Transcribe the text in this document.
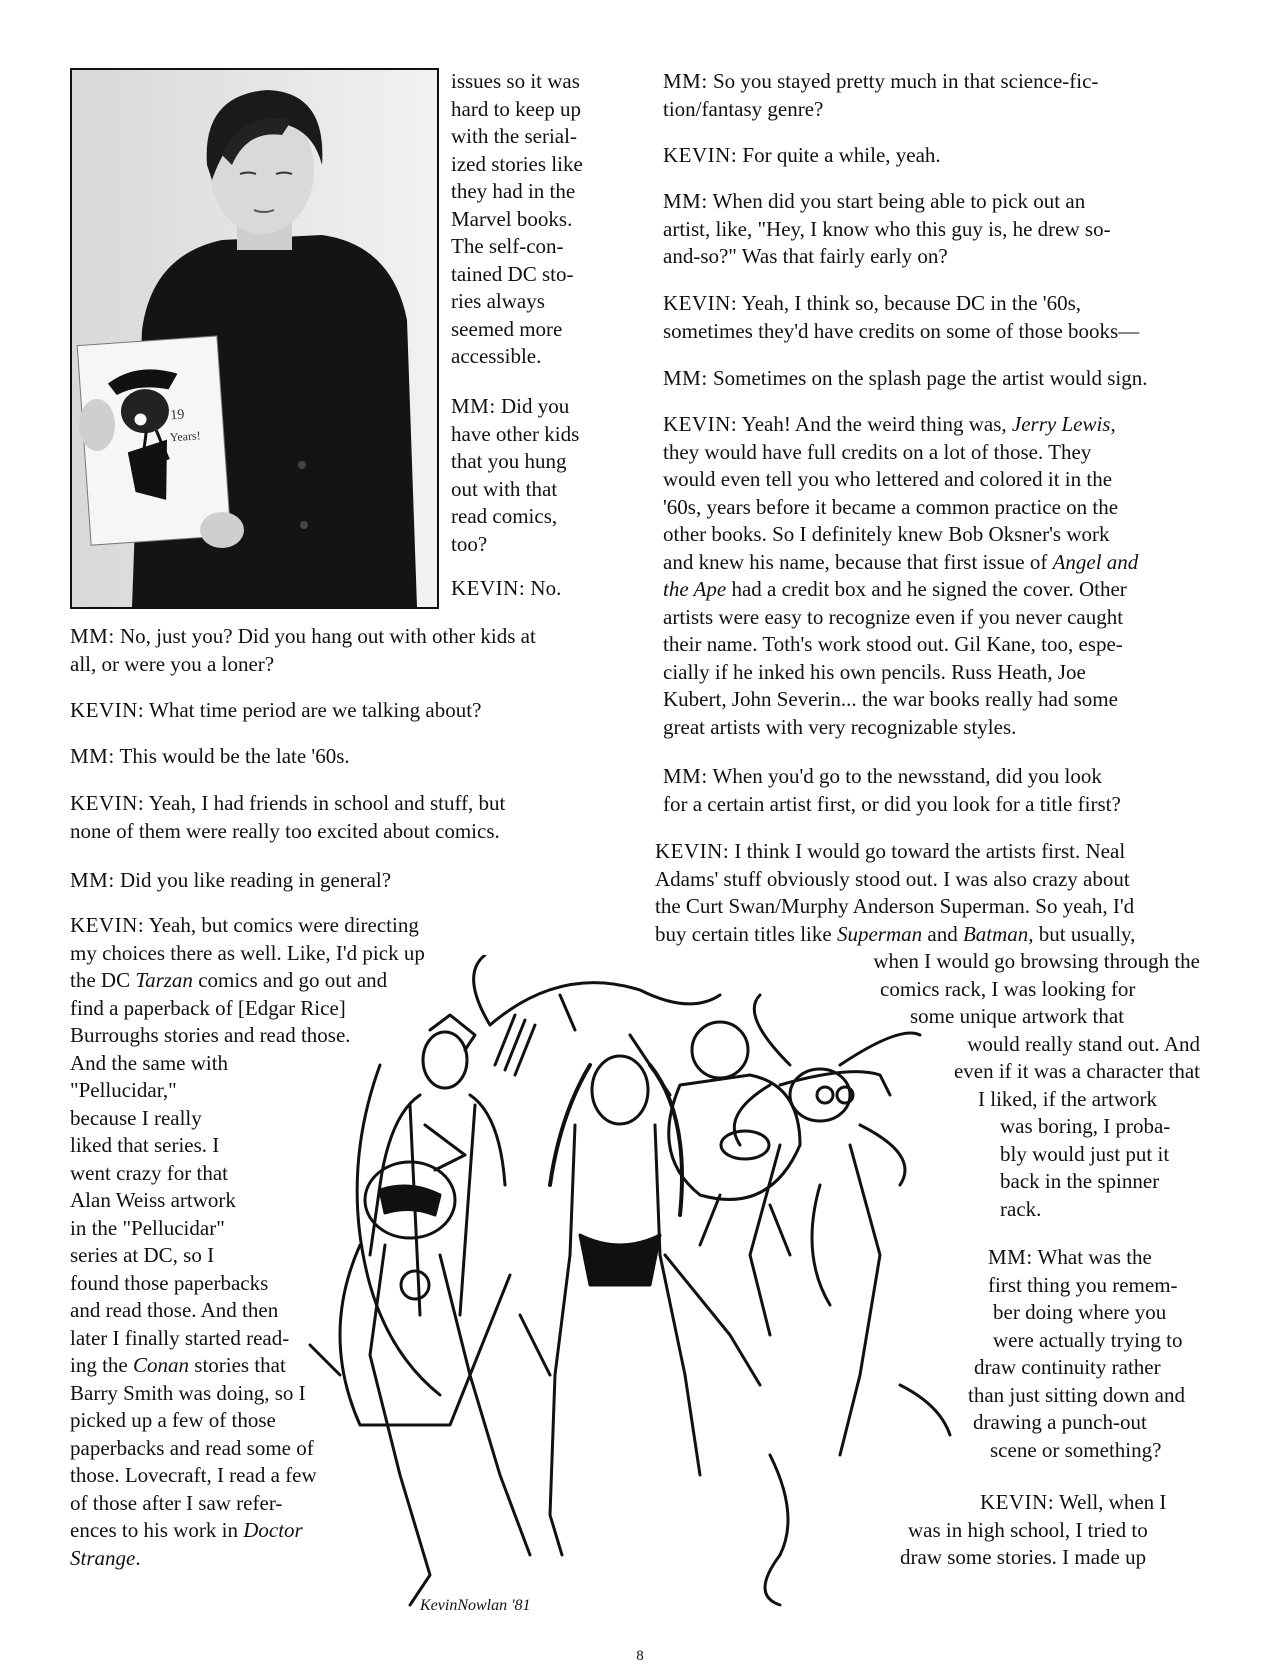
19
Years!

issues so it was
hard to keep up
with the serial-
ized stories like
they had in the
Marvel books.
The self-con-
tained DC sto-
ries always
seemed more
accessible.

MM: Did you
have other kids
that you hung
out with that
read comics,
too?

KEVIN: No.

MM: No, just you? Did you hang out with other kids at
all, or were you a loner?

KEVIN: What time period are we talking about?

MM: This would be the late '60s.

KEVIN: Yeah, I had friends in school and stuff, but
none of them were really too excited about comics.

MM: Did you like reading in general?

KEVIN: Yeah, but comics were directing
my choices there as well. Like, I'd pick up
the DC Tarzan comics and go out and
find a paperback of [Edgar Rice]
Burroughs stories and read those.
And the same with
"Pellucidar,"
because I really
liked that series. I
went crazy for that
Alan Weiss artwork
in the "Pellucidar"
series at DC, so I
found those paperbacks
and read those. And then
later I finally started read-
ing the Conan stories that
Barry Smith was doing, so I
picked up a few of those
paperbacks and read some of
those. Lovecraft, I read a few
of those after I saw refer-
ences to his work in Doctor
Strange.

MM: So you stayed pretty much in that science-fic-
tion/fantasy genre?

KEVIN: For quite a while, yeah.

MM: When did you start being able to pick out an
artist, like, "Hey, I know who this guy is, he drew so-
and-so?" Was that fairly early on?

KEVIN: Yeah, I think so, because DC in the '60s,
sometimes they'd have credits on some of those books—

MM: Sometimes on the splash page the artist would sign.

KEVIN: Yeah! And the weird thing was, Jerry Lewis,
they would have full credits on a lot of those. They
would even tell you who lettered and colored it in the
'60s, years before it became a common practice on the
other books. So I definitely knew Bob Oksner's work
and knew his name, because that first issue of Angel and
the Ape had a credit box and he signed the cover. Other
artists were easy to recognize even if you never caught
their name. Toth's work stood out. Gil Kane, too, espe-
cially if he inked his own pencils. Russ Heath, Joe
Kubert, John Severin... the war books really had some
great artists with very recognizable styles.

MM: When you'd go to the newsstand, did you look
for a certain artist first, or did you look for a title first?

KEVIN: I think I would go toward the artists first. Neal
Adams' stuff obviously stood out. I was also crazy about
the Curt Swan/Murphy Anderson Superman. So yeah, I'd
buy certain titles like Superman and Batman, but usually,
when I would go browsing through the
comics rack, I was looking for
some unique artwork that
would really stand out. And
even if it was a character that
I liked, if the artwork
was boring, I proba-
bly would just put it
back in the spinner
rack.

MM: What was the
first thing you remem-
ber doing where you
were actually trying to
draw continuity rather
than just sitting down and
drawing a punch-out
scene or something?

KEVIN: Well, when I
was in high school, I tried to
draw some stories. I made up

KevinNowlan '81
8
